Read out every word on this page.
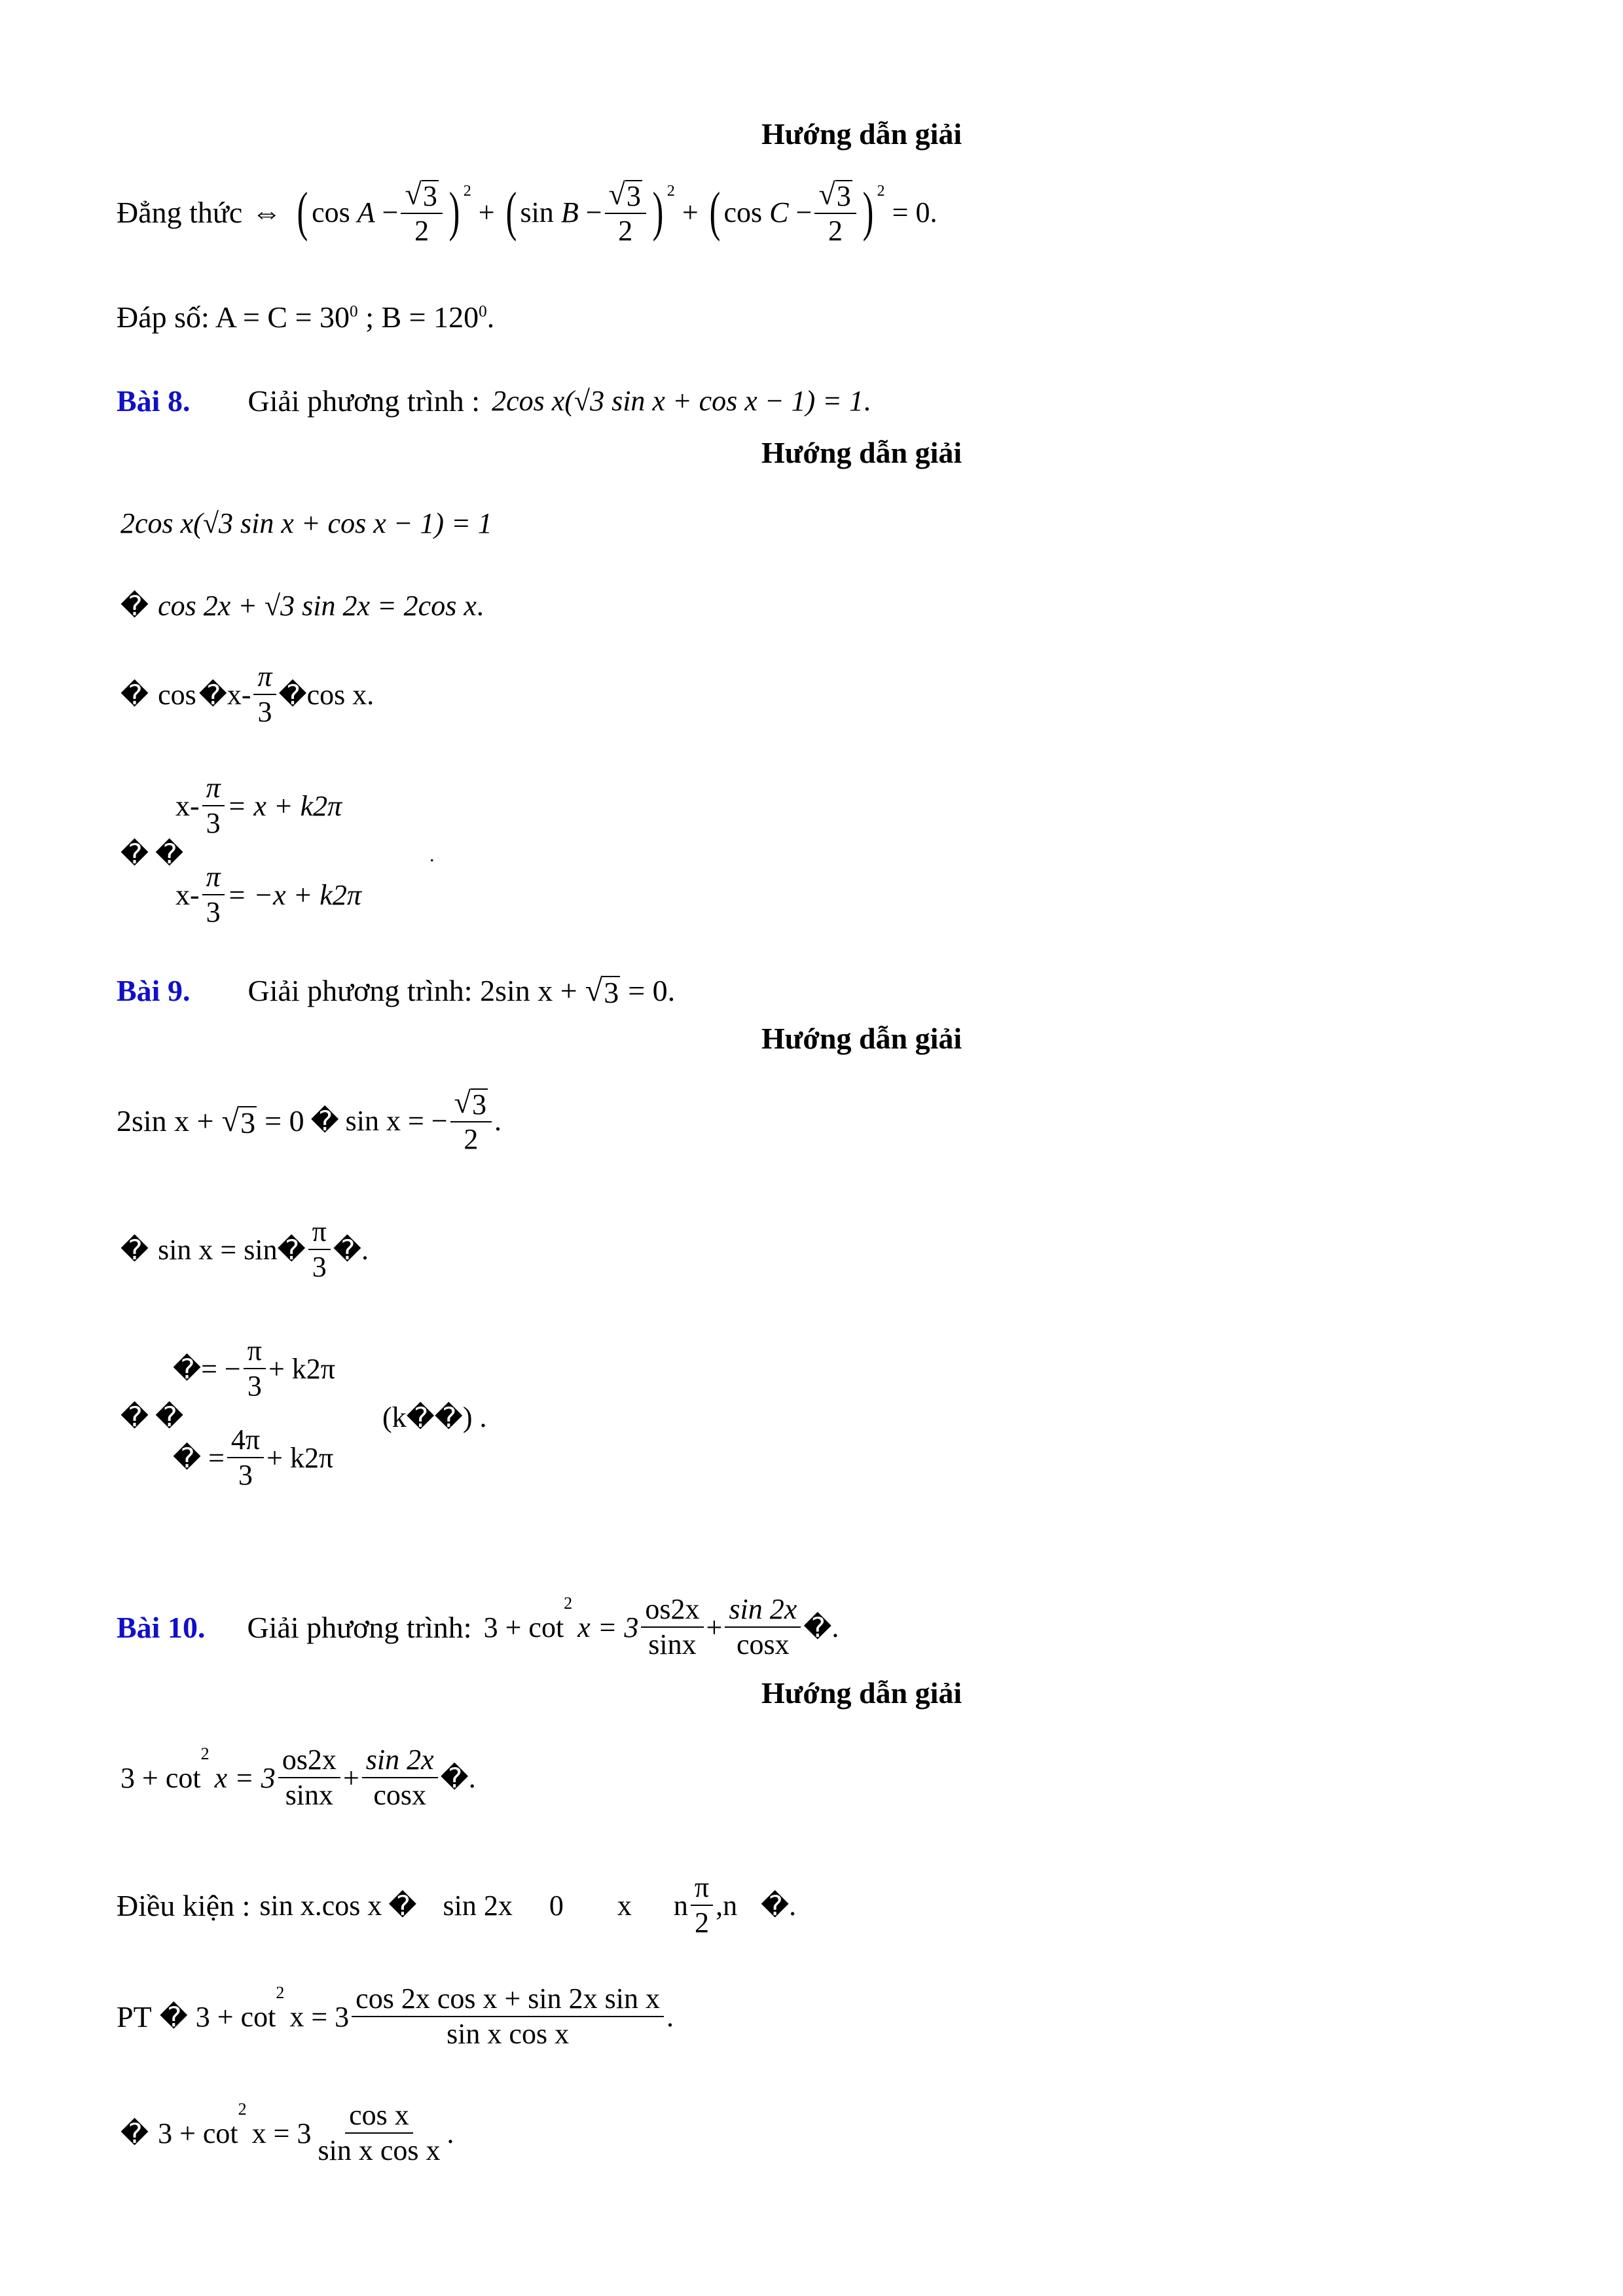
Hướng dẫn giải
Đẳng thức ⇔ ( cos
$A - \frac{√ 3}{2} )^2$
+ ( sin
$B - \frac{√ 3}{2} )^2$
+ ( cos
$C - \frac{√ 3}{2} )^2$

= 0 .
Đáp số: $A = C = 30^0$ ; $B = 120^0$.
Bài 8. Giải phương trình : 2cos x(√3 sin x + cos x − 1) = 1 .
Hướng dẫn giải
2cos x(√3 sin x + cos x − 1) = 1
� cos 2x + √3 sin 2x = 2cos x .
� cos � $x- \frac{\pi}{3}$ � cos x .
� �
$x- \frac{\pi}{3} = x + k2\pi$
$x- \frac{\pi}{3} = -x + k2\pi$
.
Bài 9. Giải phương trình: 2sin x + √ 3 = 0.
Hướng dẫn giải
2sin x + √ 3 = 0 � sin x = − $\frac{√ 3}{2}$ .
� sin x = sin � $\frac{\pi}{3}$ � .
� �
� = − $\frac{\pi}{3} + k2\pi$
� = $\frac{4\pi}{3} + k2\pi$
(k � � ) .
Bài 10. Giải phương trình: 3 + cot
2
$x = 3 \frac{os2x}{\sin x} + \frac{\sin 2x}{\cos x}$ � .
Hướng dẫn giải
3 + cot
2
$x = 3 \frac{os2x}{\sin x} + \frac{\sin 2x}{\cos x}$ � .
Điều kiện : sin x.cos x � sin 2x 0 x n $\frac{\pi}{2} ,n$ � .
PT � 3 + cot
2
$x = 3 \frac{\text{cos 2x cos x + sin 2x sin x}}{\text{sin x cos x}}$ .
� 3 + cot
2
$x = 3 \frac{\text{cos x}}{\text{sin x cos x}}$ .
